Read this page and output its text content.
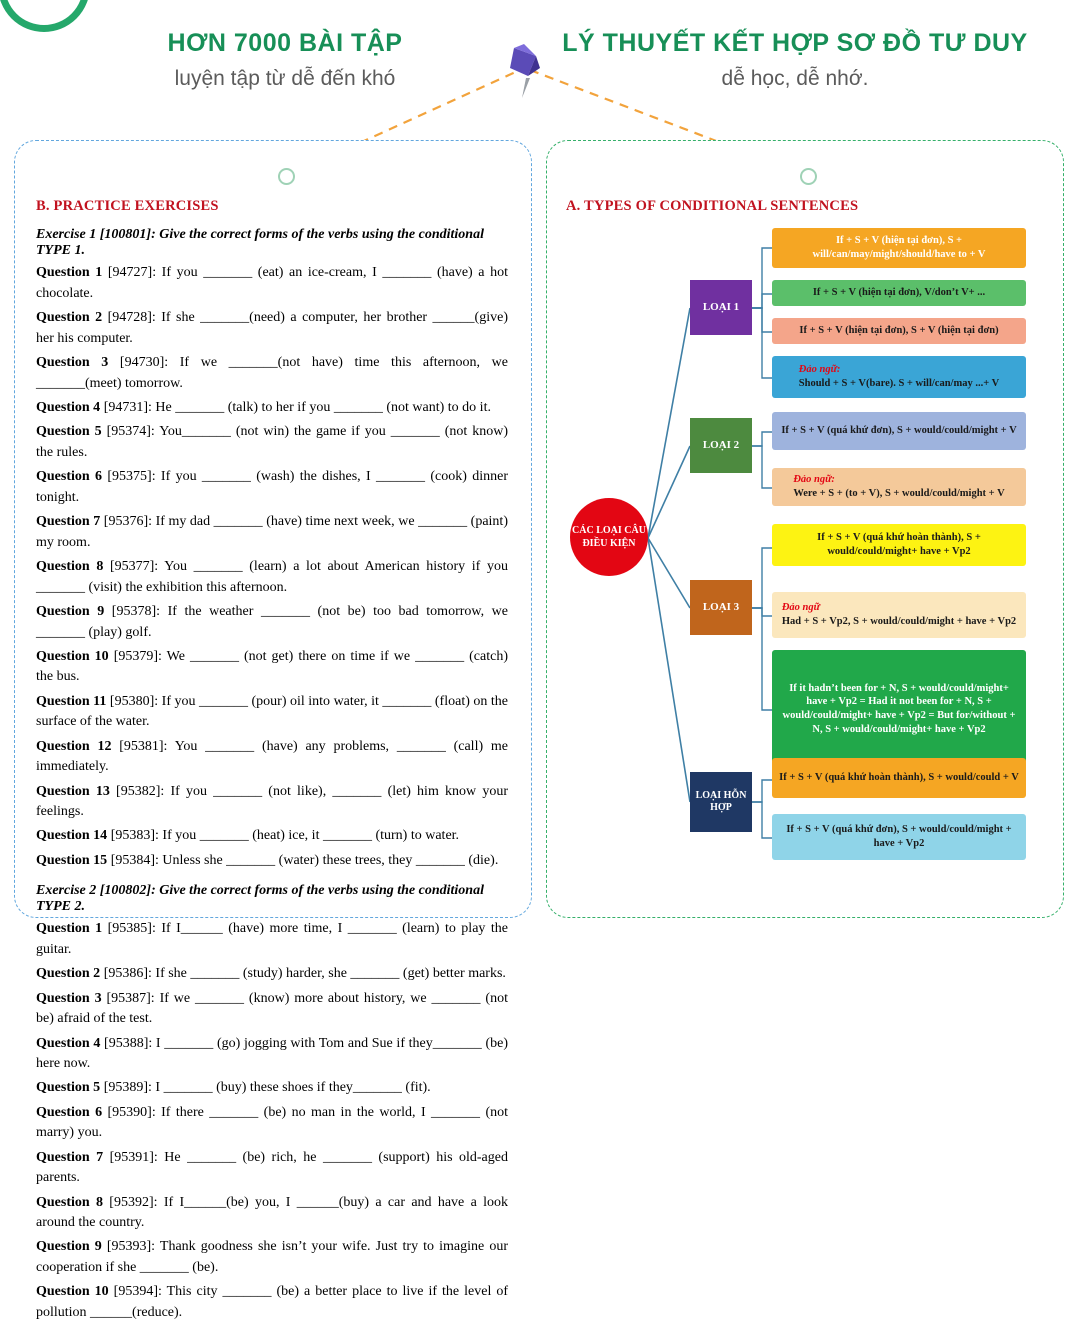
HƠN 7000 BÀI TẬP
luyện tập từ dễ đến khó
LÝ THUYẾT KẾT HỢP SƠ ĐỒ TƯ DUY
dễ học, dễ nhớ.
B. PRACTICE EXERCISES
Exercise 1 [100801]: Give the correct forms of the verbs using the conditional TYPE 1.
Question 1 [94727]: If you _______ (eat) an ice-cream, I _______ (have) a hot chocolate.
Question 2 [94728]: If she _______(need) a computer, her brother ______(give) her his computer.
Question 3 [94730]: If we _______(not have) time this afternoon, we _______(meet) tomorrow.
Question 4 [94731]: He _______ (talk) to her if you _______ (not want) to do it.
Question 5 [95374]: You_______ (not win) the game if you _______ (not know) the rules.
Question 6 [95375]: If you _______ (wash) the dishes, I _______ (cook) dinner tonight.
Question 7 [95376]: If my dad _______ (have) time next week, we _______ (paint) my room.
Question 8 [95377]: You _______ (learn) a lot about American history if you _______ (visit) the exhibition this afternoon.
Question 9 [95378]: If the weather _______ (not be) too bad tomorrow, we _______ (play) golf.
Question 10 [95379]: We _______ (not get) there on time if we _______ (catch) the bus.
Question 11 [95380]: If you _______ (pour) oil into water, it _______ (float) on the surface of the water.
Question 12 [95381]: You _______ (have) any problems, _______ (call) me immediately.
Question 13 [95382]: If you _______ (not like), _______ (let) him know your feelings.
Question 14 [95383]: If you _______ (heat) ice, it _______ (turn) to water.
Question 15 [95384]: Unless she _______ (water) these trees, they _______ (die).
Exercise 2 [100802]: Give the correct forms of the verbs using the conditional TYPE 2.
Question 1 [95385]: If I______ (have) more time, I _______ (learn) to play the guitar.
Question 2 [95386]: If she _______ (study) harder, she _______ (get) better marks.
Question 3 [95387]: If we _______ (know) more about history, we _______ (not be) afraid of the test.
Question 4 [95388]: I _______ (go) jogging with Tom and Sue if they_______ (be) here now.
Question 5 [95389]: I _______ (buy) these shoes if they_______ (fit).
Question 6 [95390]: If there _______ (be) no man in the world, I _______ (not marry) you.
Question 7 [95391]: He _______ (be) rich, he _______ (support) his old-aged parents.
Question 8 [95392]: If I______(be) you, I ______(buy) a car and have a look around the country.
Question 9 [95393]: Thank goodness she isn’t your wife. Just try to imagine our cooperation if she _______ (be).
Question 10 [95394]: This city _______ (be) a better place to live if the level of pollution ______(reduce).
A. TYPES OF CONDITIONAL SENTENCES
CÁC LOẠI CÂU ĐIỀU KIỆN
LOẠI 1
LOẠI 2
LOẠI 3
LOẠI HỖN HỢP
If + S + V (hiện tại đơn), S + will/can/may/might/should/have to + V
If + S + V (hiện tại đơn), V/don’t V+ ...
If + S + V (hiện tại đơn), S + V (hiện tại đơn)
Đảo ngữ:
Should + S + V(bare). S + will/can/may ...+ V
If + S + V (quá khứ đơn), S + would/could/might + V
Đảo ngữ:
Were + S + (to + V), S + would/could/might + V
If + S + V (quá khứ hoàn thành), S + would/could/might+ have + Vp2
Đảo ngữ
Had + S + Vp2, S + would/could/might + have + Vp2
If it hadn’t been for + N, S + would/could/might+ have + Vp2 = Had it not been for + N, S + would/could/might+ have + Vp2 = But for/without + N, S + would/could/might+ have + Vp2
If + S + V (quá khứ hoàn thành), S + would/could + V
If + S + V (quá khứ đơn), S + would/could/might + have + Vp2
